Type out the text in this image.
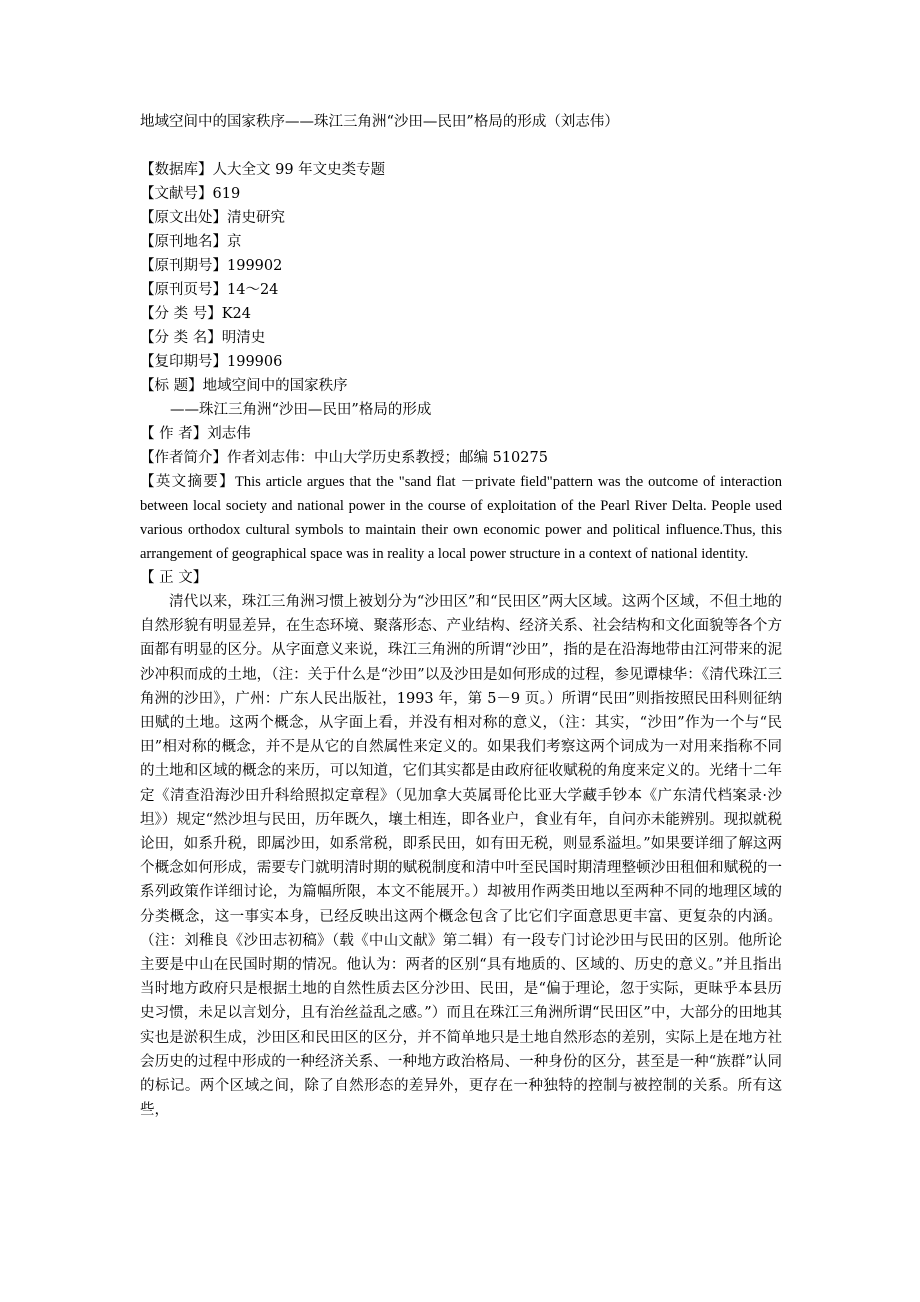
地域空间中的国家秩序——珠江三角洲“沙田—民田”格局的形成（刘志伟）
【数据库】人大全文 99 年文史类专题
【文献号】619
【原文出处】清史研究
【原刊地名】京
【原刊期号】199902
【原刊页号】14～24
【分 类 号】K24
【分 类 名】明清史
【复印期号】199906
【标 题】地域空间中的国家秩序
——珠江三角洲“沙田—民田”格局的形成
【 作 者】刘志伟
【作者简介】作者刘志伟：中山大学历史系教授；邮编 510275
【英文摘要】This article argues that the "sand flat －private field"pattern was the outcome of interaction between local society and national power in the course of exploitation of the Pearl River Delta. People used various orthodox cultural symbols to maintain their own economic power and political influence.Thus, this arrangement of geographical space was in reality a local power structure in a context of national identity.
【 正 文】

清代以来，珠江三角洲习惯上被划分为“沙田区”和“民田区”两大区域。这两个区域，不但土地的自然形貌有明显差异，在生态环境、聚落形态、产业结构、经济关系、社会结构和文化面貌等各个方面都有明显的区分。从字面意义来说，珠江三角洲的所谓“沙田”，指的是在沿海地带由江河带来的泥沙冲积而成的土地，（注：关于什么是“沙田”以及沙田是如何形成的过程，参见谭棣华：《清代珠江三角洲的沙田》，广州：广东人民出版社，1993 年，第 5－9 页。）所谓“民田”则指按照民田科则征纳田赋的土地。这两个概念，从字面上看，并没有相对称的意义，（注：其实，“沙田”作为一个与“民田”相对称的概念，并不是从它的自然属性来定义的。如果我们考察这两个词成为一对用来指称不同的土地和区域的概念的来历，可以知道，它们其实都是由政府征收赋税的角度来定义的。光绪十二年定《清查沿海沙田升科给照拟定章程》（见加拿大英属哥伦比亚大学藏手钞本《广东清代档案录·沙坦》）规定“然沙坦与民田，历年既久，壤土相连，即各业户，食业有年，自问亦未能辨别。现拟就税论田，如系升税，即属沙田，如系常税，即系民田，如有田无税，则显系溢坦。”如果要详细了解这两个概念如何形成，需要专门就明清时期的赋税制度和清中叶至民国时期清理整顿沙田租佃和赋税的一系列政策作详细讨论，为篇幅所限，本文不能展开。）却被用作两类田地以至两种不同的地理区域的分类概念，这一事实本身，已经反映出这两个概念包含了比它们字面意思更丰富、更复杂的内涵。（注：刘稚良《沙田志初稿》（载《中山文献》第二辑）有一段专门讨论沙田与民田的区别。他所论主要是中山在民国时期的情况。他认为：两者的区别“具有地质的、区域的、历史的意义。”并且指出当时地方政府只是根据土地的自然性质去区分沙田、民田，是“偏于理论，忽于实际，更昧乎本县历史习惯，未足以言划分，且有治丝益乱之感。”）而且在珠江三角洲所谓“民田区”中，大部分的田地其实也是淤积生成，沙田区和民田区的区分，并不简单地只是土地自然形态的差别，实际上是在地方社会历史的过程中形成的一种经济关系、一种地方政治格局、一种身份的区分，甚至是一种“族群”认同的标记。两个区域之间，除了自然形态的差异外，更存在一种独特的控制与被控制的关系。所有这些，
